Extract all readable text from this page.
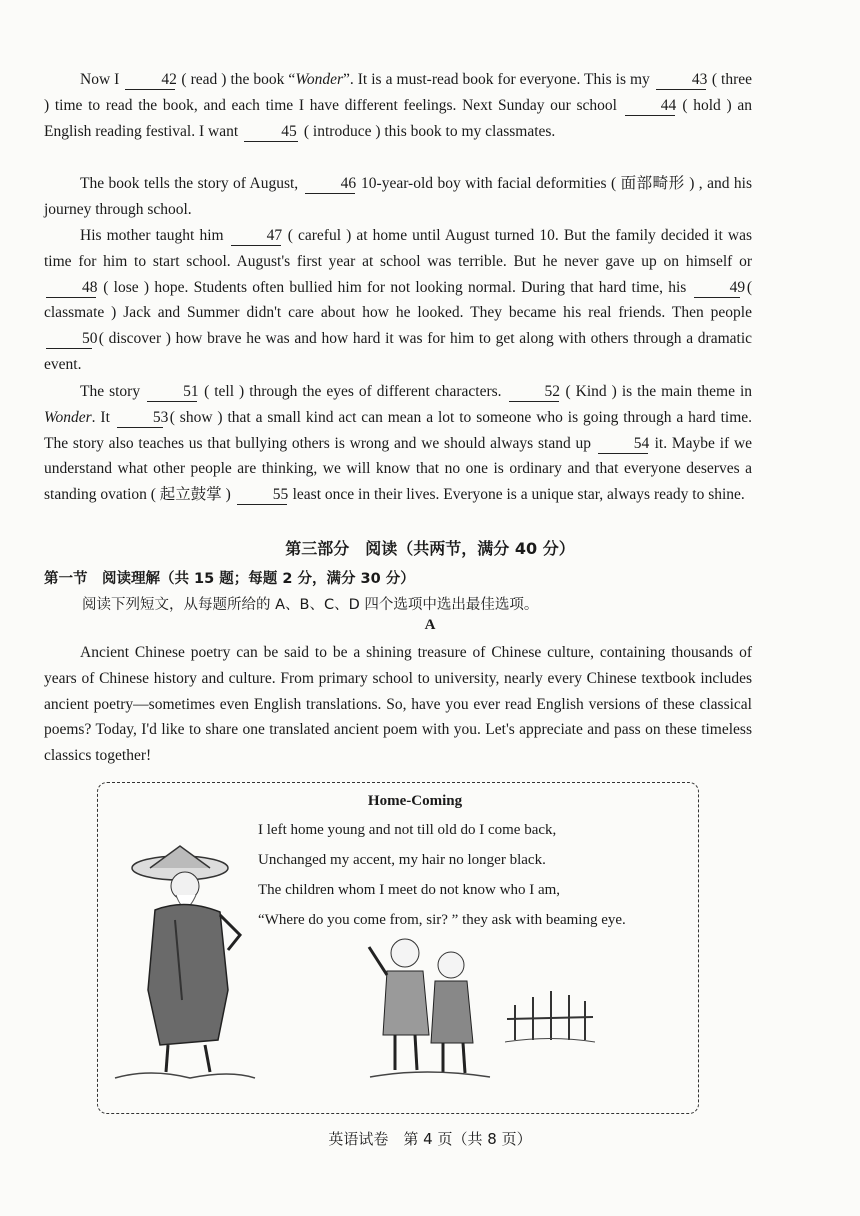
Now I	42 ( read ) the book “Wonder”. It is a must-read book for everyone. This is my	43 ( three ) time to read the book, and each time I have different feelings. Next Sunday our school	44 ( hold ) an English reading festival. I want	45 ( introduce ) this book to my classmates.

The book tells the story of August,	46 10-year-old boy with facial deformities ( 面部畸形 ) , and his journey through school.

His mother taught him	47 ( careful ) at home until August turned 10. But the family decided it was time for him to start school. August's first year at school was terrible. But he never gave up on himself or 48 ( lose ) hope. Students often bullied him for not looking normal. During that hard time, his	49 ( classmate ) Jack and Summer didn't care about how he looked. They became his real friends. Then people 50 ( discover ) how brave he was and how hard it was for him to get along with others through a dramatic event.

The story	51 ( tell ) through the eyes of different characters.	52 ( Kind ) is the main theme in Wonder. It	53 ( show ) that a small kind act can mean a lot to someone who is going through a hard time. The story also teaches us that bullying others is wrong and we should always stand up	54 it. Maybe if we understand what other people are thinking, we will know that no one is ordinary and that everyone deserves a standing ovation ( 起立鼓掌 )	55 least once in their lives. Everyone is a unique star, always ready to shine.

第三部分　阅读（共两节，满分 40 分）
第一节　阅读理解（共 15 题；每题 2 分，满分 30 分）
阅读下列短文，从每题所给的 A、B、C、D 四个选项中选出最佳选项。
A

Ancient Chinese poetry can be said to be a shining treasure of Chinese culture, containing thousands of years of Chinese history and culture. From primary school to university, nearly every Chinese textbook includes ancient poetry—sometimes even English translations. So, have you ever read English versions of these classical poems? Today, I'd like to share one translated ancient poem with you. Let's appreciate and pass on these timeless classics together!

Home-Coming
I left home young and not till old do I come back,
Unchanged my accent, my hair no longer black.
The children whom I meet do not know who I am,
“Where do you come from, sir? ” they ask with beaming eye.
英语试卷　第 4 页（共 8 页）
